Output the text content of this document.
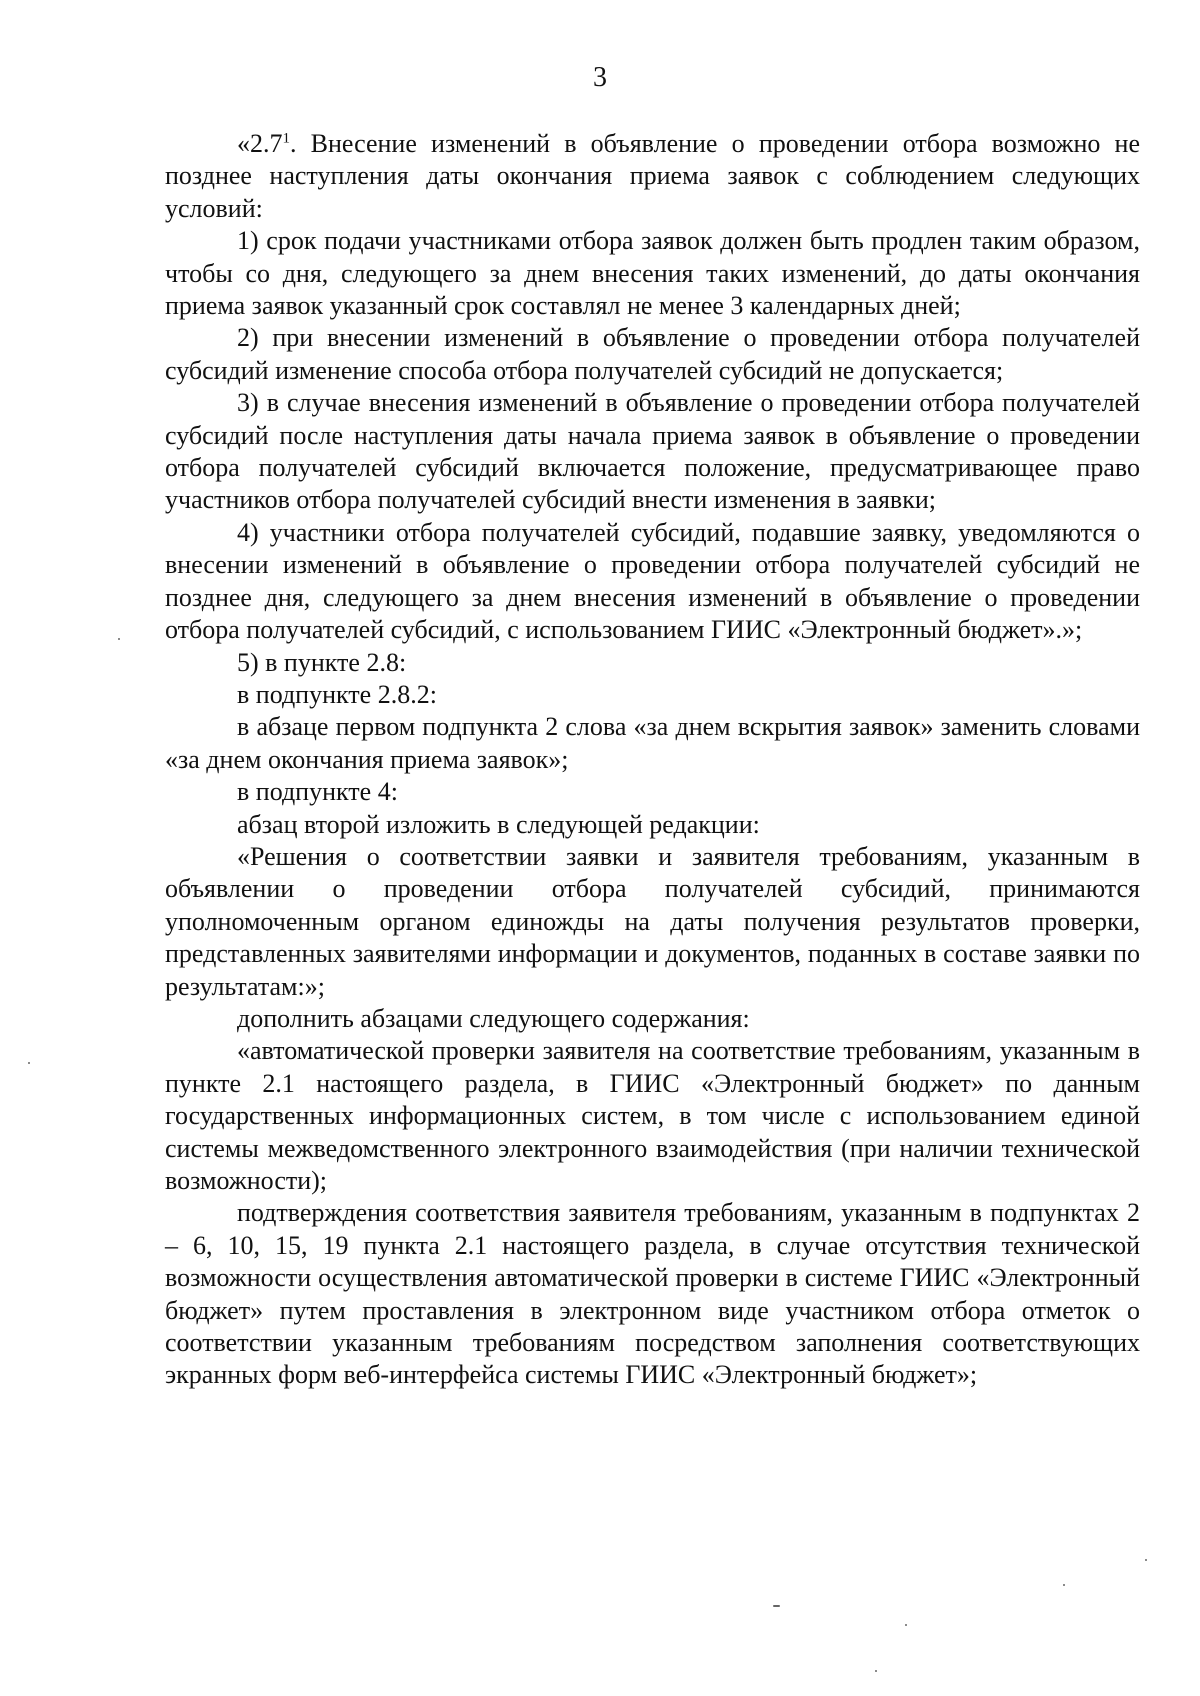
3

«$2.7^1$. Внесение изменений в объявление о проведении отбора возможно не позднее наступления даты окончания приема заявок с соблюдением следующих условий:

1) срок подачи участниками отбора заявок должен быть продлен таким образом, чтобы со дня, следующего за днем внесения таких изменений, до даты окончания приема заявок указанный срок составлял не менее 3 календарных дней;

2) при внесении изменений в объявление о проведении отбора получателей субсидий изменение способа отбора получателей субсидий не допускается;

3) в случае внесения изменений в объявление о проведении отбора получателей субсидий после наступления даты начала приема заявок в объявление о проведении отбора получателей субсидий включается положение, предусматривающее право участников отбора получателей субсидий внести изменения в заявки;

4) участники отбора получателей субсидий, подавшие заявку, уведомляются о внесении изменений в объявление о проведении отбора получателей субсидий не позднее дня, следующего за днем внесения изменений в объявление о проведении отбора получателей субсидий, с использованием ГИИС «Электронный бюджет».»;

5) в пункте 2.8:

в подпункте 2.8.2:

в абзаце первом подпункта 2 слова «за днем вскрытия заявок» заменить словами «за днем окончания приема заявок»;

в подпункте 4:

абзац второй изложить в следующей редакции:

«Решения о соответствии заявки и заявителя требованиям, указанным в объявлении о проведении отбора получателей субсидий, принимаются уполномоченным органом единожды на даты получения результатов проверки, представленных заявителями информации и документов, поданных в составе заявки по результатам:»;

дополнить абзацами следующего содержания:

«автоматической проверки заявителя на соответствие требованиям, указанным в пункте 2.1 настоящего раздела, в ГИИС «Электронный бюджет» по данным государственных информационных систем, в том числе с использованием единой системы межведомственного электронного взаимодействия (при наличии технической возможности);

подтверждения соответствия заявителя требованиям, указанным в подпунктах 2 – 6, 10, 15, 19 пункта 2.1 настоящего раздела, в случае отсутствия технической возможности осуществления автоматической проверки в системе ГИИС «Электронный бюджет» путем проставления в электронном виде участником отбора отметок о соответствии указанным требованиям посредством заполнения соответствующих экранных форм веб-интерфейса системы ГИИС «Электронный бюджет»;
